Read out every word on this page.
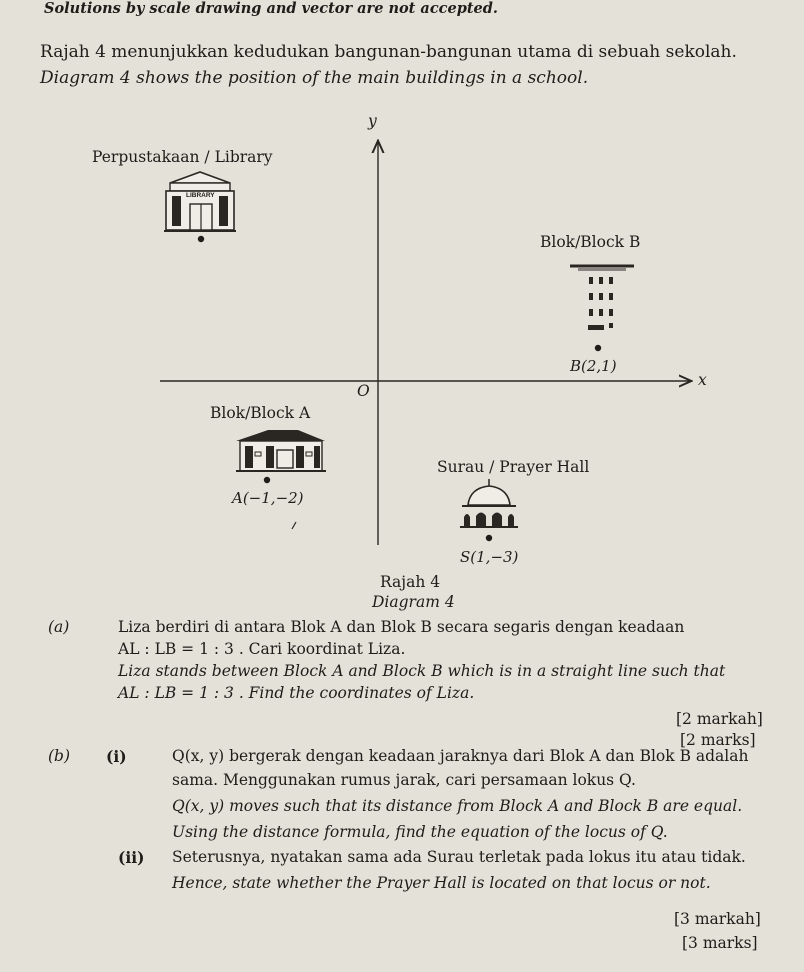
Solutions by scale drawing and vector are not accepted.
Rajah 4 menunjukkan kedudukan bangunan-bangunan utama di sebuah sekolah.
Diagram 4 shows the position of the main buildings in a school.
y
x
O
Perpustakaan / Library
LIBRARY
Blok/Block B
B(2,1)
Blok/Block A
A(−1,−2)
Surau / Prayer Hall
S(1,−3)
Rajah 4
Diagram 4
(a)	Liza berdiri di antara Blok A dan Blok B secara segaris dengan keadaan
AL : LB = 1 : 3 . Cari koordinat Liza.
Liza stands between Block A and Block B which is in a straight line such that
AL : LB = 1 : 3 . Find the coordinates of Liza.
[2 markah]
[2 marks]
(b) (i)	Q(x, y) bergerak dengan keadaan jaraknya dari Blok A dan Blok B adalah
sama. Menggunakan rumus jarak, cari persamaan lokus Q.
Q(x, y) moves such that its distance from Block A and Block B are equal.
Using the distance formula, find the equation of the locus of Q.
(ii) Seterusnya, nyatakan sama ada Surau terletak pada lokus itu atau tidak.
Hence, state whether the Prayer Hall is located on that locus or not.
[3 markah]
[3 marks]
